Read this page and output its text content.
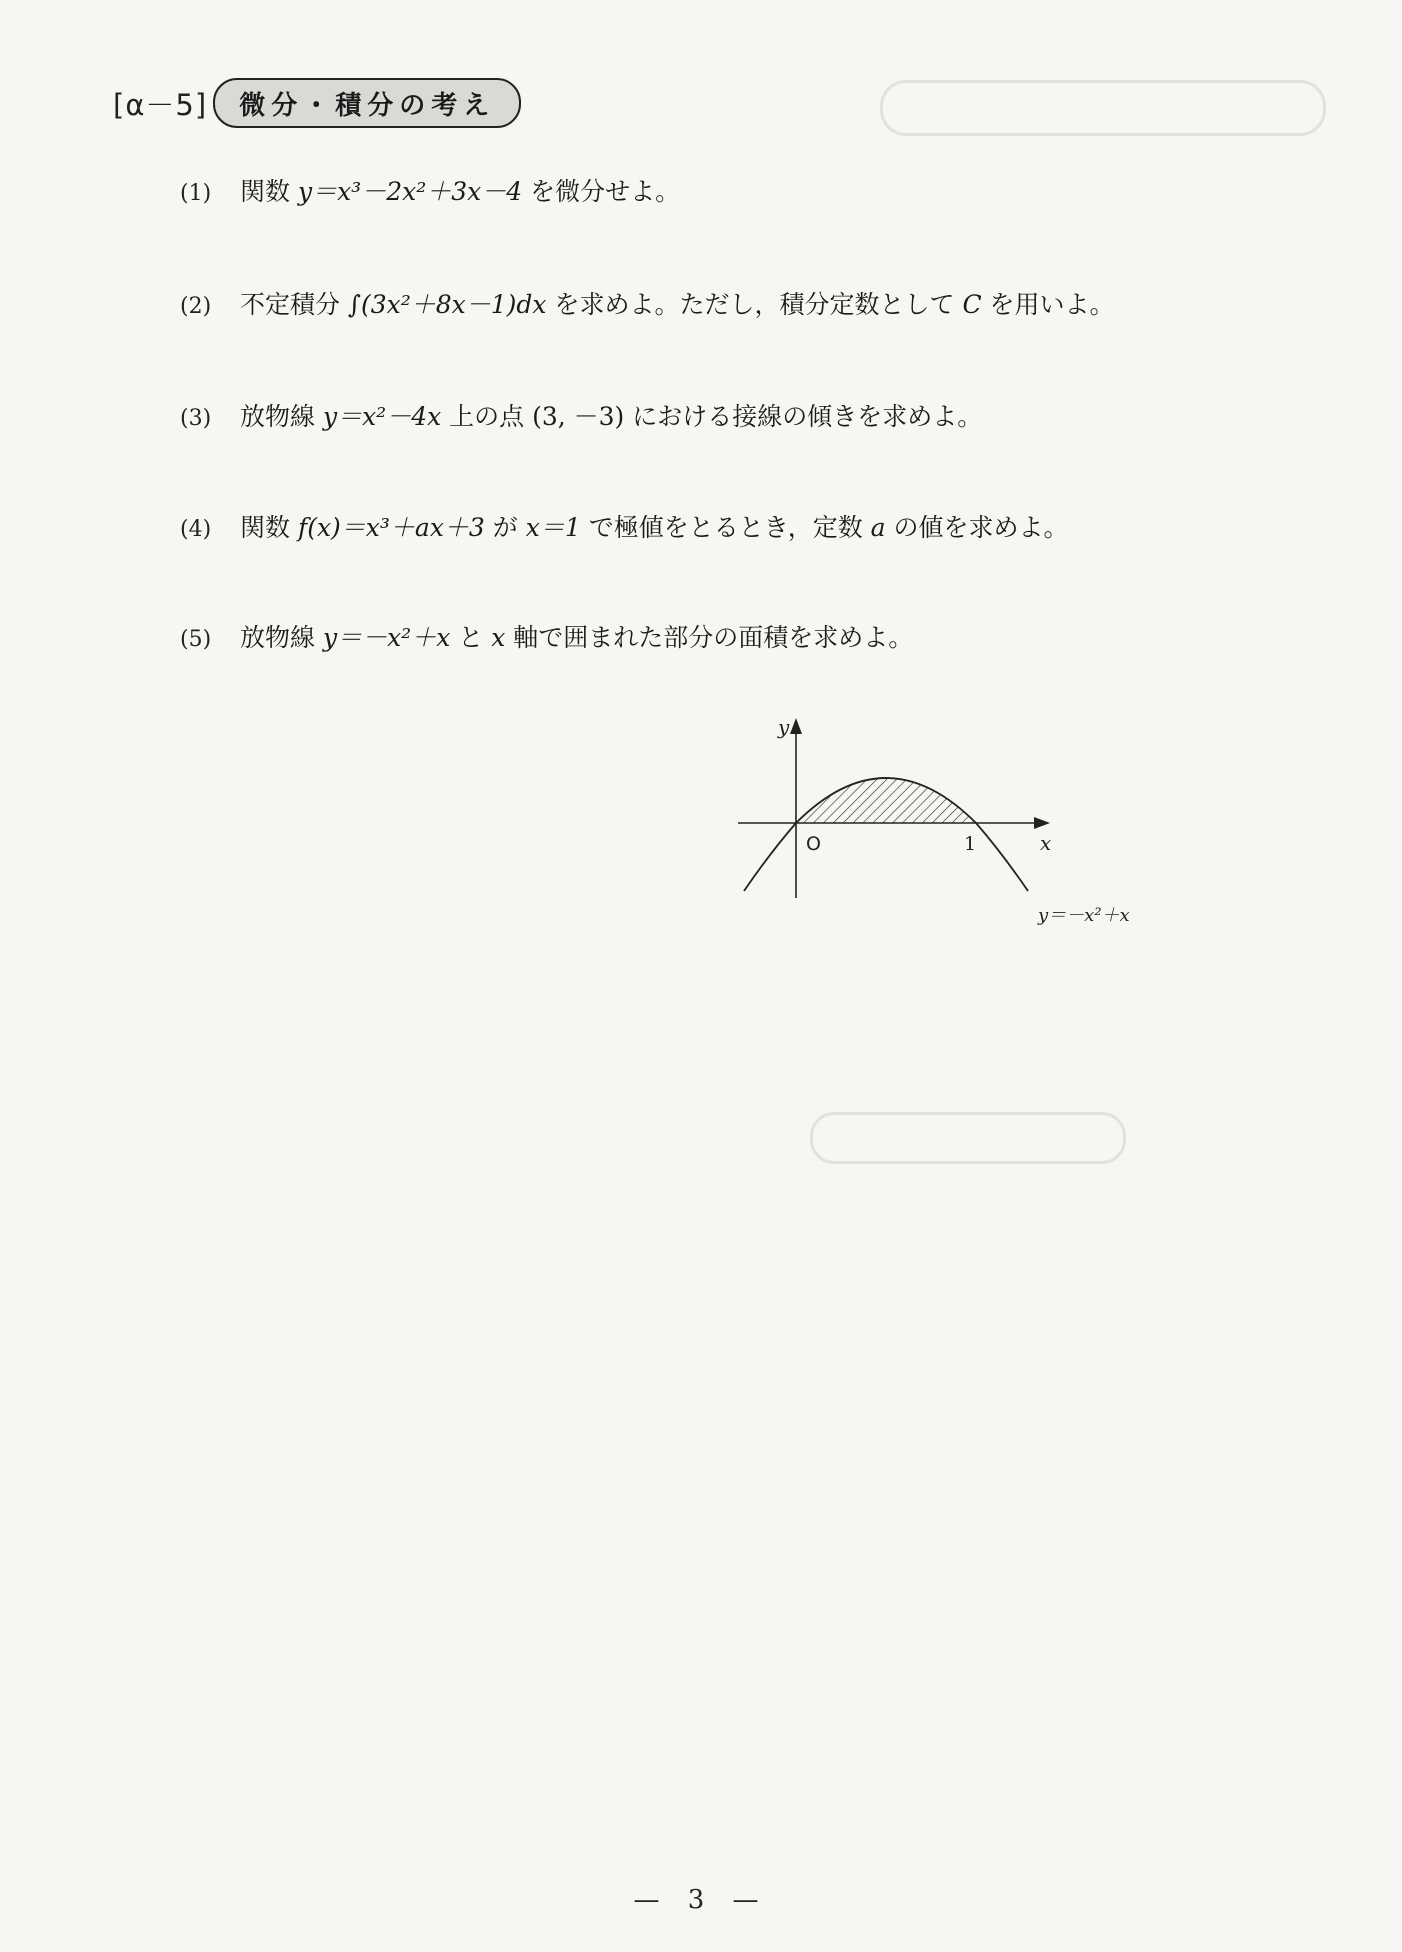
[α－5]	微分・積分の考え
(1)	関数 y＝x³－2x²＋3x－4 を微分せよ。
(2)	不定積分 ∫(3x²＋8x－1)dx を求めよ。ただし，積分定数として C を用いよ。
(3)	放物線 y＝x²－4x 上の点 (3, －3) における接線の傾きを求めよ。
(4)	関数 f(x)＝x³＋ax＋3 が x＝1 で極値をとるとき，定数 a の値を求めよ。
(5)	放物線 y＝－x²＋x と x 軸で囲まれた部分の面積を求めよ。
y
x
O	1
y＝－x²＋x
— 3 —
